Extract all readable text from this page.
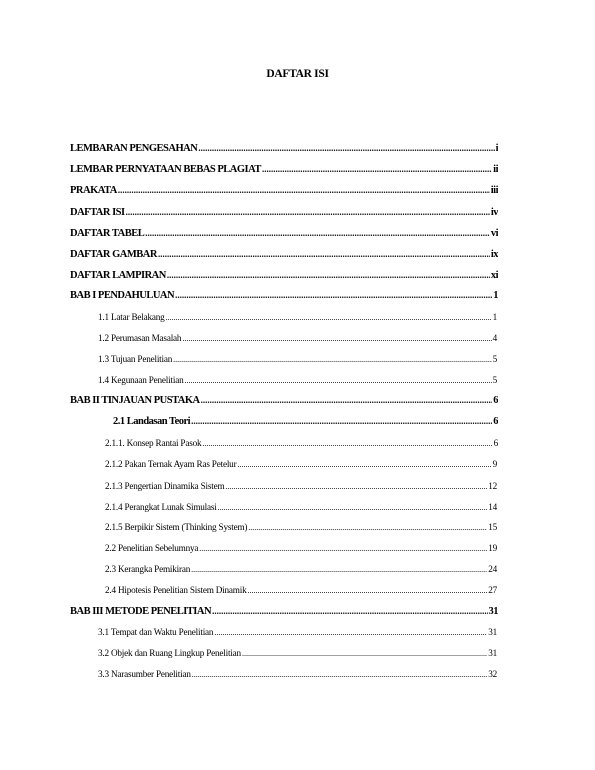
DAFTAR ISI
LEMBARAN PENGESAHAN .....	i
LEMBAR PERNYATAAN BEBAS PLAGIAT .....	ii
PRAKATA .....	iii
DAFTAR ISI .....	iv
DAFTAR TABEL .....	vi
DAFTAR GAMBAR .....	ix
DAFTAR LAMPIRAN .....	xi
BAB I PENDAHULUAN .....	1
1.1 Latar Belakang .....	1
1.2 Perumasan Masalah .....	4
1.3 Tujuan Penelitian .....	5
1.4 Kegunaan Penelitian .....	5
BAB II TINJAUAN PUSTAKA .....	6
2.1 Landasan Teori .....	6
2.1.1. Konsep Rantai Pasok .....	6
2.1.2 Pakan Ternak Ayam Ras Petelur .....	9
2.1.3 Pengertian Dinamika Sistem .....	12
2.1.4 Perangkat Lunak Simulasi .....	14
2.1.5 Berpikir Sistem (Thinking System) .....	15
2.2 Penelitian Sebelumnya .....	19
2.3 Kerangka Pemikiran .....	24
2.4 Hipotesis Penelitian Sistem Dinamik .....	27
BAB III METODE PENELITIAN .....	31
3.1 Tempat dan Waktu Penelitian .....	31
3.2 Objek dan Ruang Lingkup Penelitian .....	31
3.3 Narasumber Penelitian .....	32
